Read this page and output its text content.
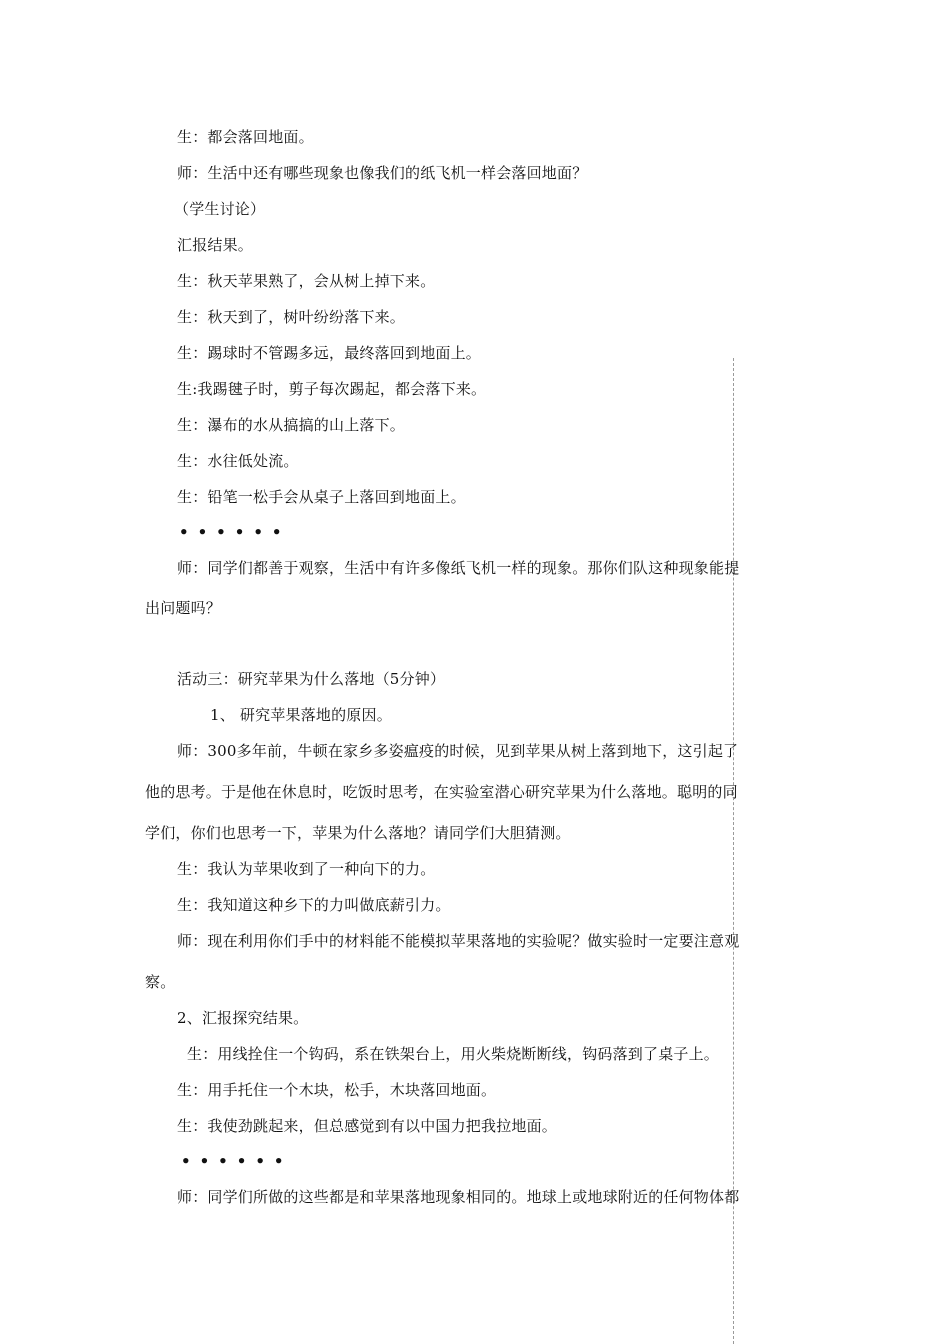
生：都会落回地面。
师：生活中还有哪些现象也像我们的纸飞机一样会落回地面？
（学生讨论）
汇报结果。
生：秋天苹果熟了，会从树上掉下来。
生：秋天到了，树叶纷纷落下来。
生：踢球时不管踢多远，最终落回到地面上。
生:我踢毽子时，剪子每次踢起，都会落下来。
生：瀑布的水从搞搞的山上落下。
生：水往低处流。
生：铅笔一松手会从桌子上落回到地面上。
••••••
师：同学们都善于观察，生活中有许多像纸飞机一样的现象。那你们队这种现象能提
出问题吗？
活动三：研究苹果为什么落地（5分钟）
1、 研究苹果落地的原因。
师：300多年前，牛顿在家乡多姿瘟疫的时候，见到苹果从树上落到地下，这引起了
他的思考。于是他在休息时，吃饭时思考，在实验室潜心研究苹果为什么落地。聪明的同
学们，你们也思考一下，苹果为什么落地？请同学们大胆猜测。
生：我认为苹果收到了一种向下的力。
生：我知道这种乡下的力叫做底薪引力。
师：现在利用你们手中的材料能不能模拟苹果落地的实验呢？做实验时一定要注意观
察。
2、汇报探究结果。
生：用线拴住一个钩码，系在铁架台上，用火柴烧断断线，钩码落到了桌子上。
生：用手托住一个木块，松手，木块落回地面。
生：我使劲跳起来，但总感觉到有以中国力把我拉地面。
••••••
师：同学们所做的这些都是和苹果落地现象相同的。地球上或地球附近的任何物体都
